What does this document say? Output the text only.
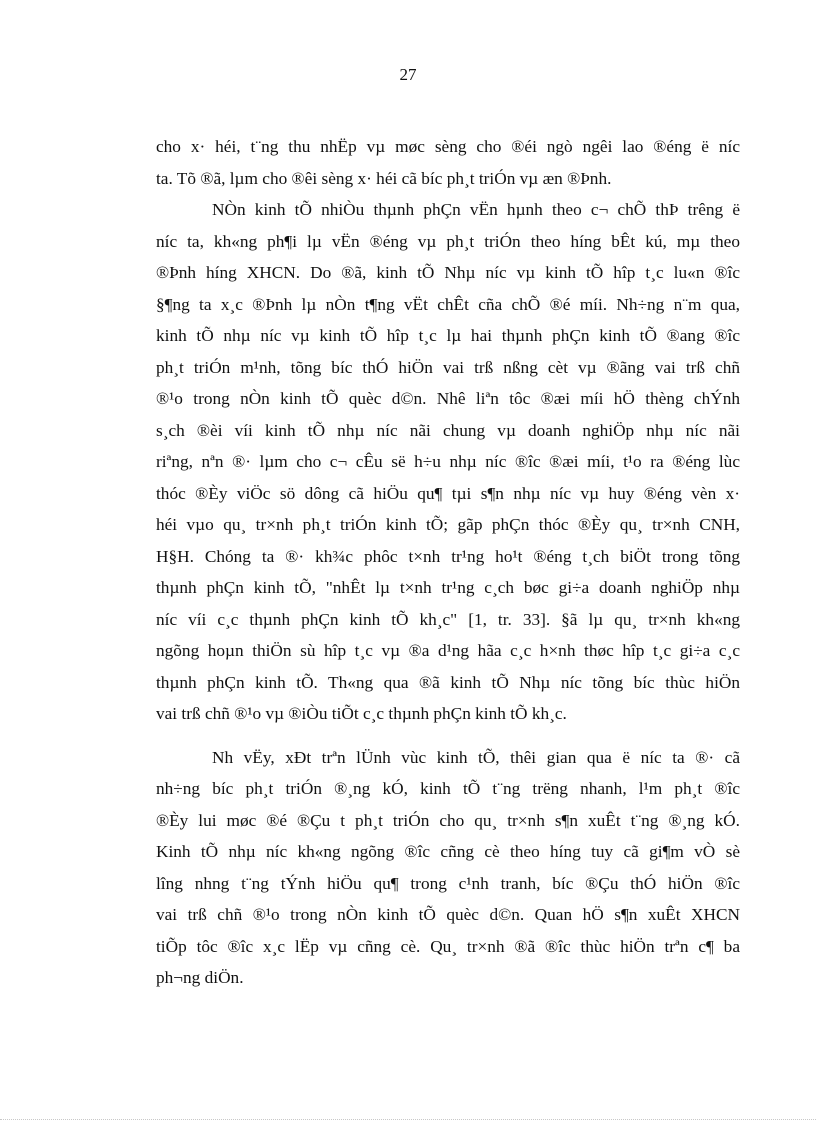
27
cho x· héi, t¨ng thu nhËp vµ møc sèng cho ®éi ngò ngêi lao ®éng ë níc
ta. Tõ ®ã, lµm cho ®êi sèng x· héi cã bíc ph¸t triÓn vµ æn ®Þnh.
NÒn kinh tÕ nhiÒu thµnh phÇn vËn hµnh theo c¬ chÕ thÞ trêng ë
níc ta, kh«ng ph¶i lµ vËn ®éng vµ ph¸t triÓn theo híng bÊt kú, mµ theo
®Þnh híng XHCN. Do ®ã, kinh tÕ Nhµ níc vµ kinh tÕ hîp t¸c lu«n ®îc
§¶ng ta x¸c ®Þnh lµ nÒn t¶ng vËt chÊt cña chÕ ®é míi. Nh÷ng n¨m qua,
kinh tÕ nhµ níc vµ kinh tÕ hîp t¸c lµ hai thµnh phÇn kinh tÕ ®ang ®îc
ph¸t triÓn m¹nh, tõng bíc thÓ hiÖn vai trß nßng cèt vµ ®ãng vai trß chñ
®¹o trong nÒn kinh tÕ quèc d©n. Nhê liªn tôc ®æi míi hÖ thèng chÝnh
s¸ch ®èi víi kinh tÕ nhµ níc nãi chung vµ doanh nghiÖp nhµ níc nãi
riªng, nªn ®· lµm cho c¬ cÊu së h÷u nhµ níc ®îc ®æi míi, t¹o ra ®éng lùc
thóc ®Èy viÖc sö dông cã hiÖu qu¶ tµi s¶n nhµ níc vµ huy ®éng vèn x·
héi vµo qu¸ tr×nh ph¸t triÓn kinh tÕ; gãp phÇn thóc ®Èy qu¸ tr×nh CNH,
H§H. Chóng ta ®· kh¾c phôc t×nh tr¹ng ho¹t ®éng t¸ch biÖt trong tõng
thµnh phÇn kinh tÕ, "nhÊt lµ t×nh tr¹ng c¸ch bøc gi÷a doanh nghiÖp nhµ
níc víi c¸c thµnh phÇn kinh tÕ kh¸c" [1, tr. 33]. §ã lµ qu¸ tr×nh kh«ng
ngõng hoµn thiÖn sù hîp t¸c vµ ®a d¹ng hãa c¸c h×nh thøc hîp t¸c gi÷a c¸c
thµnh phÇn kinh tÕ. Th«ng qua ®ã kinh tÕ Nhµ níc tõng bíc thùc hiÖn
vai trß chñ ®¹o vµ ®iÒu tiÕt c¸c thµnh phÇn kinh tÕ kh¸c.
Nh vËy, xÐt trªn lÜnh vùc kinh tÕ, thêi gian qua ë níc ta ®· cã
nh÷ng bíc ph¸t triÓn ®¸ng kÓ, kinh tÕ t¨ng trëng nhanh, l¹m ph¸t ®îc
®Èy lui møc ®é ®Çu t ph¸t triÓn cho qu¸ tr×nh s¶n xuÊt t¨ng ®¸ng kÓ.
Kinh tÕ nhµ níc kh«ng ngõng ®îc cñng cè theo híng tuy cã gi¶m vÒ sè
lîng nhng t¨ng tÝnh hiÖu qu¶ trong c¹nh tranh, bíc ®Çu thÓ hiÖn ®îc
vai trß chñ ®¹o trong nÒn kinh tÕ quèc d©n. Quan hÖ s¶n xuÊt XHCN
tiÕp tôc ®îc x¸c lËp vµ cñng cè. Qu¸ tr×nh ®ã ®îc thùc hiÖn trªn c¶ ba
ph¬ng diÖn.
